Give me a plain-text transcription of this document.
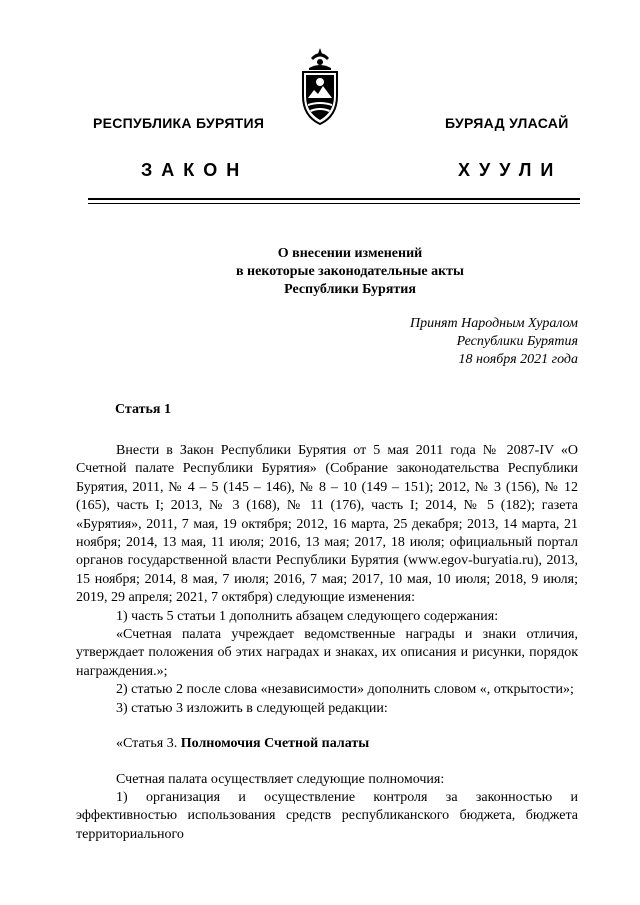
РЕСПУБЛИКА БУРЯТИЯ	БУРЯАД УЛАСАЙ
ЗАКОН	ХУУЛИ
О внесении изменений
в некоторые законодательные акты
Республики Бурятия
Принят Народным Хуралом
Республики Бурятия
18 ноября 2021 года
Статья 1

Внести в Закон Республики Бурятия от 5 мая 2011 года № 2087-IV «О Счетной палате Республики Бурятия» (Собрание законодательства Республики Бурятия, 2011, № 4 – 5 (145 – 146), № 8 – 10 (149 – 151); 2012, № 3 (156), № 12 (165), часть I; 2013, № 3 (168), № 11 (176), часть I; 2014, № 5 (182); газета «Бурятия», 2011, 7 мая, 19 октября; 2012, 16 марта, 25 декабря; 2013, 14 марта, 21 ноября; 2014, 13 мая, 11 июля; 2016, 13 мая; 2017, 18 июля; официальный портал органов государственной власти Республики Бурятия (www.egov-buryatia.ru), 2013, 15 ноября; 2014, 8 мая, 7 июля; 2016, 7 мая; 2017, 10 мая, 10 июля; 2018, 9 июля; 2019, 29 апреля; 2021, 7 октября) следующие изменения:

1) часть 5 статьи 1 дополнить абзацем следующего содержания:

«Счетная палата учреждает ведомственные награды и знаки отличия, утверждает положения об этих наградах и знаках, их описания и рисунки, порядок награждения.»;

2) статью 2 после слова «независимости» дополнить словом «, открытости»;

3) статью 3 изложить в следующей редакции:

«Статья 3. Полномочия Счетной палаты

Счетная палата осуществляет следующие полномочия:

1) организация и осуществление контроля за законностью и эффективностью использования средств республиканского бюджета, бюджета территориального
